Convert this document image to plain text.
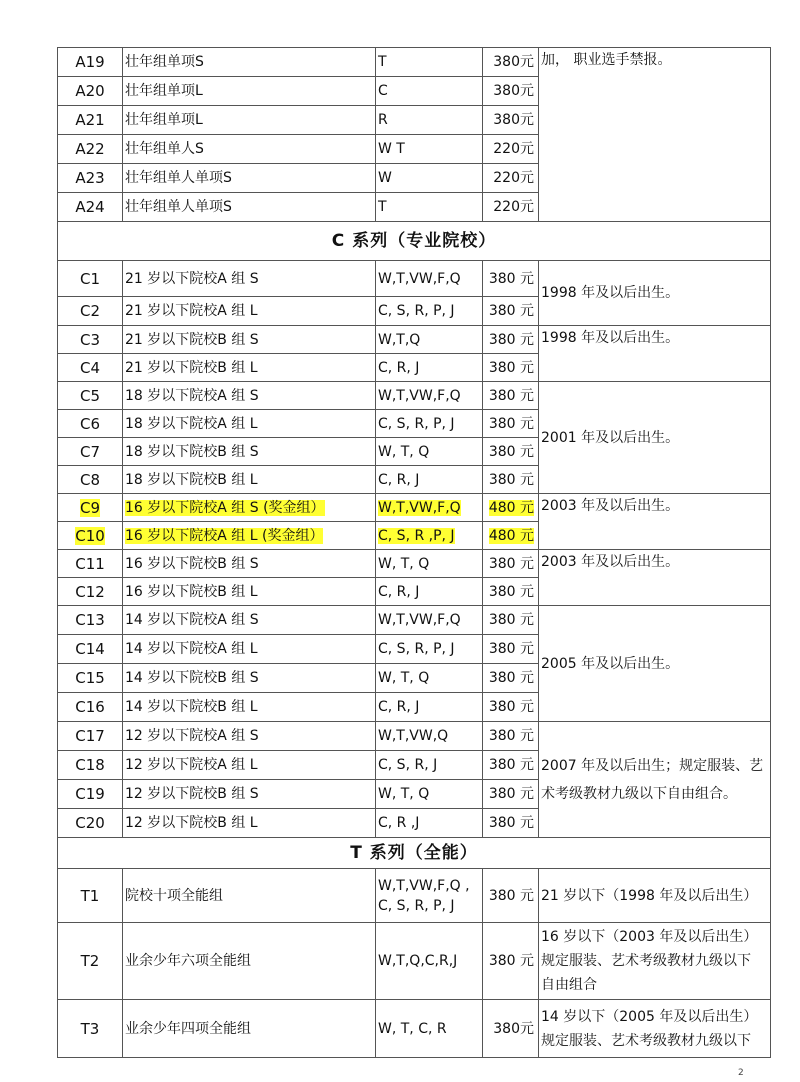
A19	壮年组单项S	T	380元	加， 职业选手禁报。
A20	壮年组单项L	C	380元	
A21	壮年组单项L	R	380元	
A22	壮年组单人S	W T	220元	
A23	壮年组单人单项S	W	220元	
A24	壮年组单人单项S	T	220元	
C 系列（专业院校）				
C1	21 岁以下院校A 组 S	W,T,VW,F,Q	380 元	1998 年及以后出生。
C2	21 岁以下院校A 组 L	C, S, R, P, J	380 元	
C3	21 岁以下院校B 组 S	W,T,Q	380 元	1998 年及以后出生。
C4	21 岁以下院校B 组 L	C, R, J	380 元	
C5	18 岁以下院校A 组 S	W,T,VW,F,Q	380 元	2001 年及以后出生。
C6	18 岁以下院校A 组 L	C, S, R, P, J	380 元	
C7	18 岁以下院校B 组 S	W, T, Q	380 元	
C8	18 岁以下院校B 组 L	C, R, J	380 元	
C9	16 岁以下院校A 组 S (奖金组）	W,T,VW,F,Q	480 元	2003 年及以后出生。
C10	16 岁以下院校A 组 L (奖金组）	C, S, R ,P, J	480 元	
C11	16 岁以下院校B 组 S	W, T, Q	380 元	2003 年及以后出生。
C12	16 岁以下院校B 组 L	C, R, J	380 元	
C13	14 岁以下院校A 组 S	W,T,VW,F,Q	380 元	2005 年及以后出生。
C14	14 岁以下院校A 组 L	C, S, R, P, J	380 元	
C15	14 岁以下院校B 组 S	W, T, Q	380 元	
C16	14 岁以下院校B 组 L	C, R, J	380 元	
C17	12 岁以下院校A 组 S	W,T,VW,Q	380 元	2007 年及以后出生；规定服装、艺术考级教材九级以下自由组合。
C18	12 岁以下院校A 组 L	C, S, R, J	380 元	
C19	12 岁以下院校B 组 S	W, T, Q	380 元	
C20	12 岁以下院校B 组 L	C, R ,J	380 元	
T 系列（全能）				
T1	院校十项全能组	W,T,VW,F,Q ,
C, S, R, P, J	380 元	21 岁以下（1998 年及以后出生）
T2	业余少年六项全能组	W,T,Q,C,R,J	380 元	16 岁以下（2003 年及以后出生）
规定服装、艺术考级教材九级以下
自由组合

T3	业余少年四项全能组	W, T, C, R	380元	14 岁以下（2005 年及以后出生）
规定服装、艺术考级教材九级以下
2
